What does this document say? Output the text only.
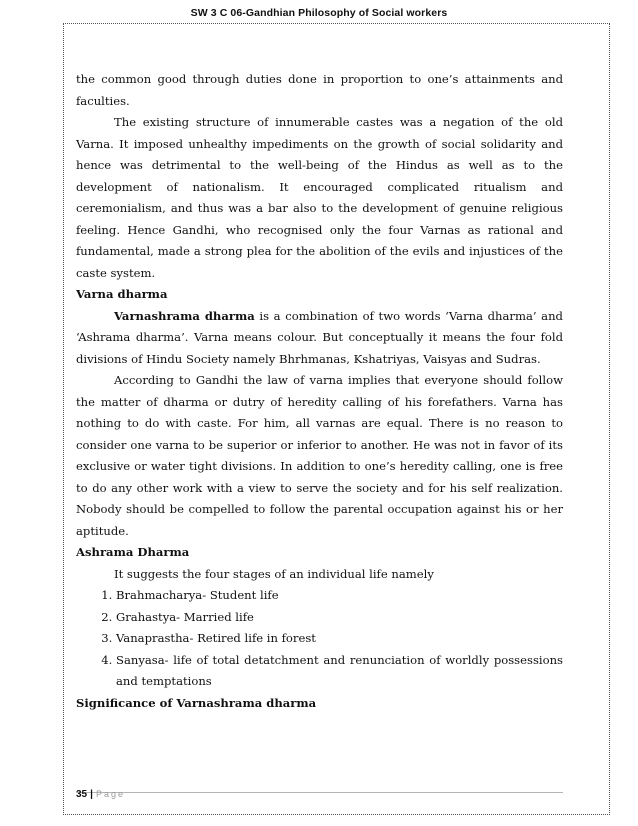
SW 3 C 06-Gandhian Philosophy of Social workers

the common good through duties done in proportion to one’s attainments and faculties.

The existing structure of innumerable castes was a negation of the old Varna. It imposed unhealthy impediments on the growth of social solidarity and hence was detrimental to the well-being of the Hindus as well as to the development of nationalism. It encouraged complicated ritualism and ceremonialism, and thus was a bar also to the development of genuine religious feeling. Hence Gandhi, who recognised only the four Varnas as rational and fundamental, made a strong plea for the abolition of the evils and injustices of the caste system.

Varna dharma

Varnashrama dharma is a combination of two words ‘Varna dharma’ and ‘Ashrama dharma’. Varna means colour. But conceptually it means the four fold divisions of Hindu Society namely Bhrhmanas, Kshatriyas, Vaisyas and Sudras.

According to Gandhi the law of varna implies that everyone should follow the matter of dharma or dutry of heredity calling of his forefathers. Varna has nothing to do with caste. For him, all varnas are equal. There is no reason to consider one varna to be superior or inferior to another. He was not in favor of its exclusive or water tight divisions. In addition to one’s heredity calling, one is free to do any other work with a view to serve the society and for his self realization. Nobody should be compelled to follow the parental occupation against his or her aptitude.

Ashrama Dharma

It suggests the four stages of an individual life namely

1. Brahmacharya- Student life
2. Grahastya- Married life
3. Vanaprastha- Retired life in forest
4. Sanyasa- life of total detatchment and renunciation of worldly possessions and temptations

Significance of Varnashrama dharma

35 | Page
